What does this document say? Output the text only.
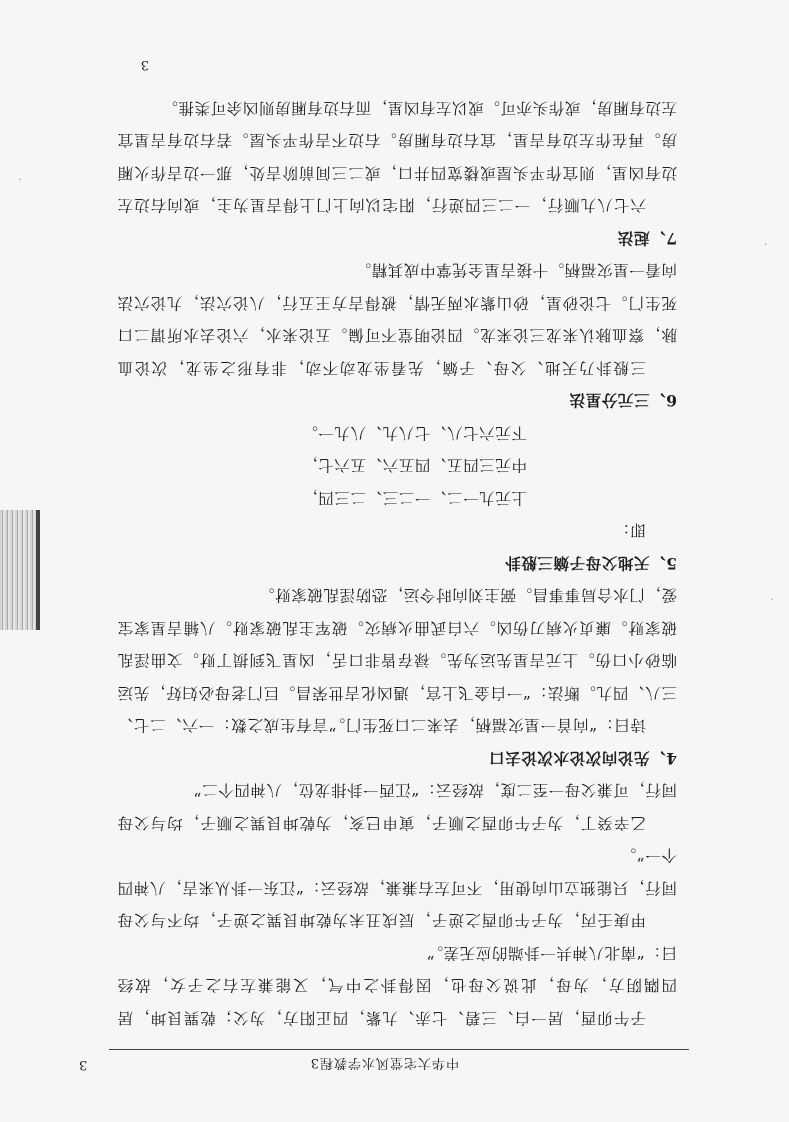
·
·
·
中华大宅堂风水学教程3
3

子午卯酉，居一白、三碧、七赤、九紫，四正阳方，为父；乾巽艮坤，居四隅阴方，为母，此说父母也，因得卦之中气，又能兼左右之子女，故经曰：“南北八神共一卦端的应无差。”

甲庚壬丙，为子午卯酉之逆子，辰戌丑未为乾坤艮巽之逆子，均不与父母同行，只能独立山向使用，不可左右兼兼，故经云：“江东一卦从来吉，八神四个一”。

乙辛癸丁，为子午卯酉之顺子，寅申巳亥，为乾坤艮巽之顺子，均与父母同行，可兼父母一至二度，故经云：“江西一卦排龙位，八神四个二”

4、先论向次论水次论去口

诗曰：“向首一星灾福柄，去来二口死生门。”言有生成之数：一六、二七、三八、四九。断法：“一白金飞上宫，遇凶化吉世荣昌。巨门老母必妇好，先运临砂小口伤。上元吉星先运为先。禄存皆非口舌，凶星飞到损丁财。文曲淫乱破家财。廉贞火病刀伤凶。六白武曲火病灾。破军主乱破家财。八辅吉星家宝爱，门水合局事事昌。弼主刘向时令运，恐防淫乱破家财。

5、天地父母子嫡三般卦

即：

上元九一二、一二三、二三四，

中元三四五、四五六、五六七，

下元六七八、七八九、八九一。

6、三元分星法

三般卦乃天地、父母、子嫡，先看坐龙动不动，非有形之坐龙，次论血脉，察血脉认来龙三论来龙。四论明堂不可偏。五论来水，六论去水所谓二口死生门。七论砂星，砂山紫水两无情，被得吉方王五行，八论穴法，九论穴法向看一星灾福柄。十接吉星全凭掌中成其精。

7、起法

六七八九顺行，一二三四逆行，阳宅以向上门上得吉星为主，或向右边左边有凶星，则宜作平头屋或楼宽四井口，或二三间前阶吉处，那一边吉作火厢房。再在作左边有吉星，宜右边有厢房。右边不吉作平头屋。若右边有吉星宜左边有厢房，或作头亦可。或以左有凶星，而右边有厢房则凶余可类推。

3
